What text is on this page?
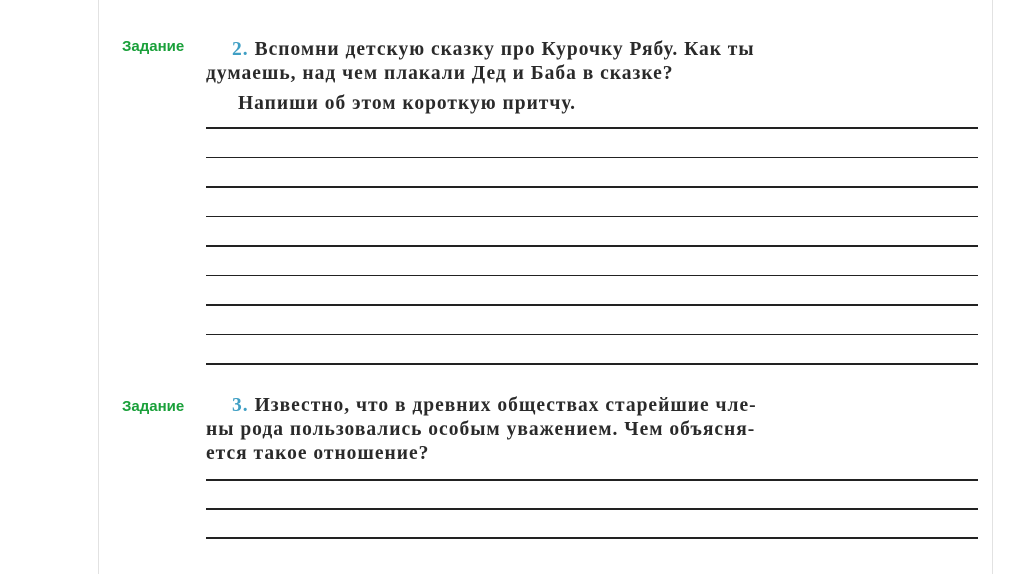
Задание	2. Вспомни детскую сказку про Курочку Рябу. Как ты
думаешь, над чем плакали Дед и Баба в сказке?

Напиши об этом короткую притчу.

Задание	3. Известно, что в древних обществах старейшие чле-
ны рода пользовались особым уважением. Чем объясня-
ется такое отношение?
